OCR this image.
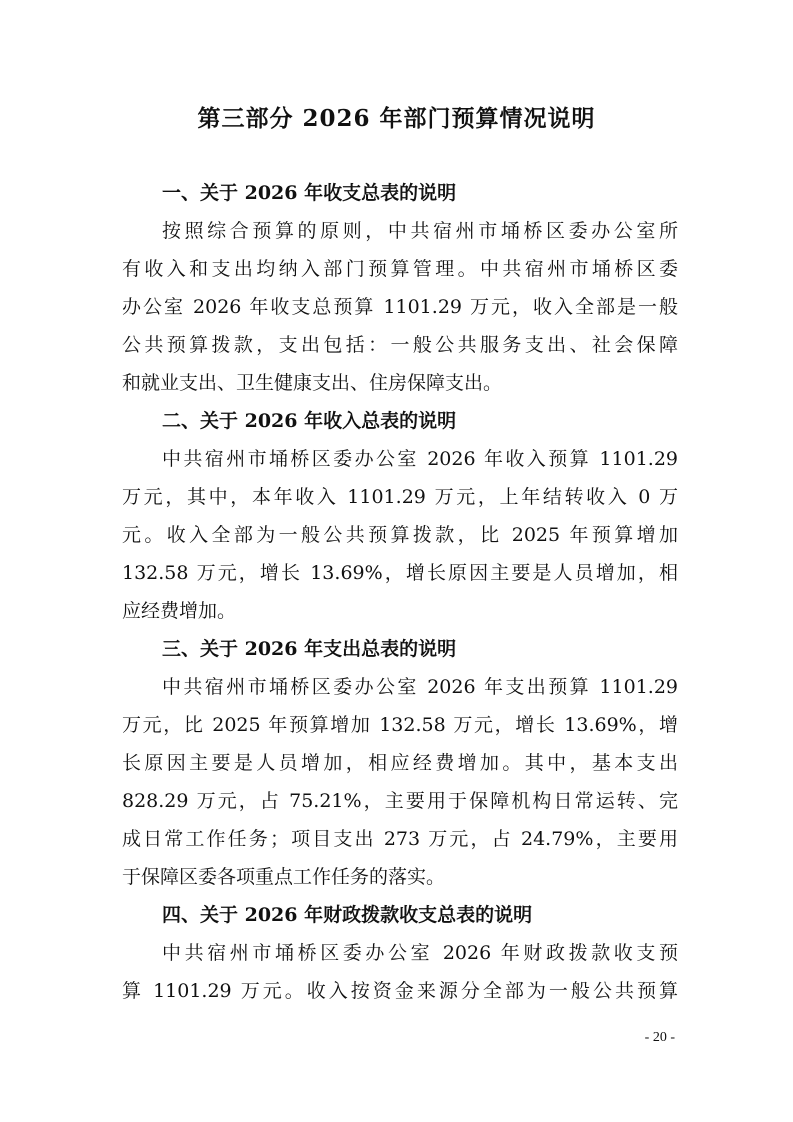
第三部分 2026 年部门预算情况说明
一、关于 2026 年收支总表的说明
按照综合预算的原则，中共宿州市埇桥区委办公室所
有收入和支出均纳入部门预算管理。中共宿州市埇桥区委
办公室 2026 年收支总预算 1101.29 万元，收入全部是一般
公共预算拨款，支出包括：一般公共服务支出、社会保障
和就业支出、卫生健康支出、住房保障支出。
二、关于 2026 年收入总表的说明
中共宿州市埇桥区委办公室 2026 年收入预算 1101.29
万元，其中，本年收入 1101.29 万元，上年结转收入 0 万
元。收入全部为一般公共预算拨款，比 2025 年预算增加
132.58 万元，增长 13.69%，增长原因主要是人员增加，相
应经费增加。
三、关于 2026 年支出总表的说明
中共宿州市埇桥区委办公室 2026 年支出预算 1101.29
万元，比 2025 年预算增加 132.58 万元，增长 13.69%，增
长原因主要是人员增加，相应经费增加。其中，基本支出
828.29 万元，占 75.21%，主要用于保障机构日常运转、完
成日常工作任务；项目支出 273 万元，占 24.79%，主要用
于保障区委各项重点工作任务的落实。
四、关于 2026 年财政拨款收支总表的说明
中共宿州市埇桥区委办公室 2026 年财政拨款收支预
算 1101.29 万元。收入按资金来源分全部为一般公共预算
- 20 -
